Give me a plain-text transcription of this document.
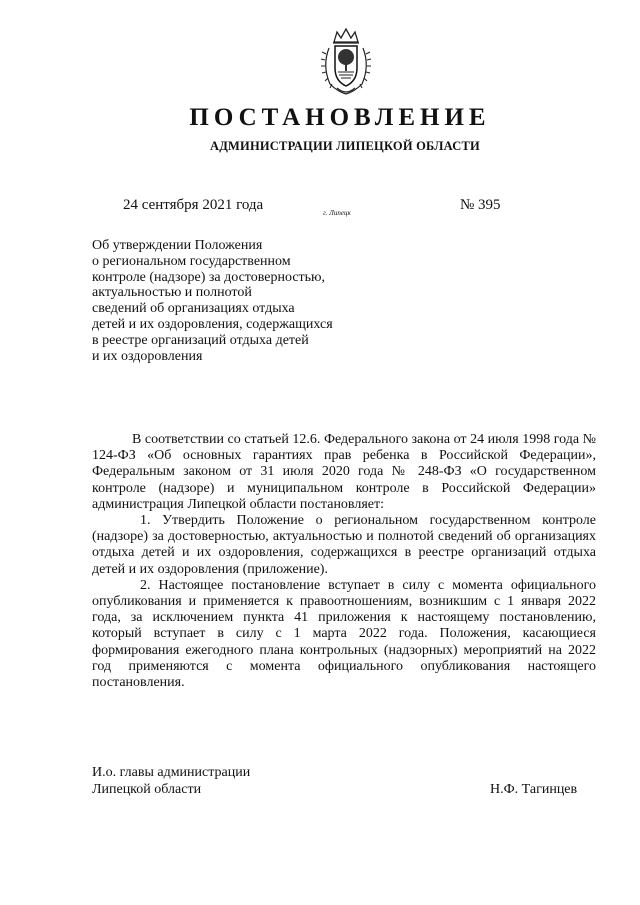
ПОСТАНОВЛЕНИЕ
АДМИНИСТРАЦИИ ЛИПЕЦКОЙ ОБЛАСТИ
24 сентября 2021 года	г. Липецк	№ 395
Об утверждении Положения
о региональном государственном
контроле (надзоре) за достоверностью,
актуальностью и полнотой
сведений об организациях отдыха
детей и их оздоровления, содержащихся
в реестре организаций отдыха детей
и их оздоровления

В соответствии со статьей 12.6. Федерального закона от 24 июля 1998 года № 124-ФЗ «Об основных гарантиях прав ребенка в Российской Федерации», Федеральным законом от 31 июля 2020 года № 248-ФЗ «О государственном контроле (надзоре) и муниципальном контроле в Российской Федерации» администрация Липецкой области постановляет:

1. Утвердить Положение о региональном государственном контроле (надзоре) за достоверностью, актуальностью и полнотой сведений об организациях отдыха детей и их оздоровления, содержащихся в реестре организаций отдыха детей и их оздоровления (приложение).

2. Настоящее постановление вступает в силу с момента официального опубликования и применяется к правоотношениям, возникшим с 1 января 2022 года, за исключением пункта 41 приложения к настоящему постановлению, который вступает в силу с 1 марта 2022 года. Положения, касающиеся формирования ежегодного плана контрольных (надзорных) мероприятий на 2022 год применяются с момента официального опубликования настоящего постановления.

И.о. главы администрации
Липецкой области	Н.Ф. Тагинцев
